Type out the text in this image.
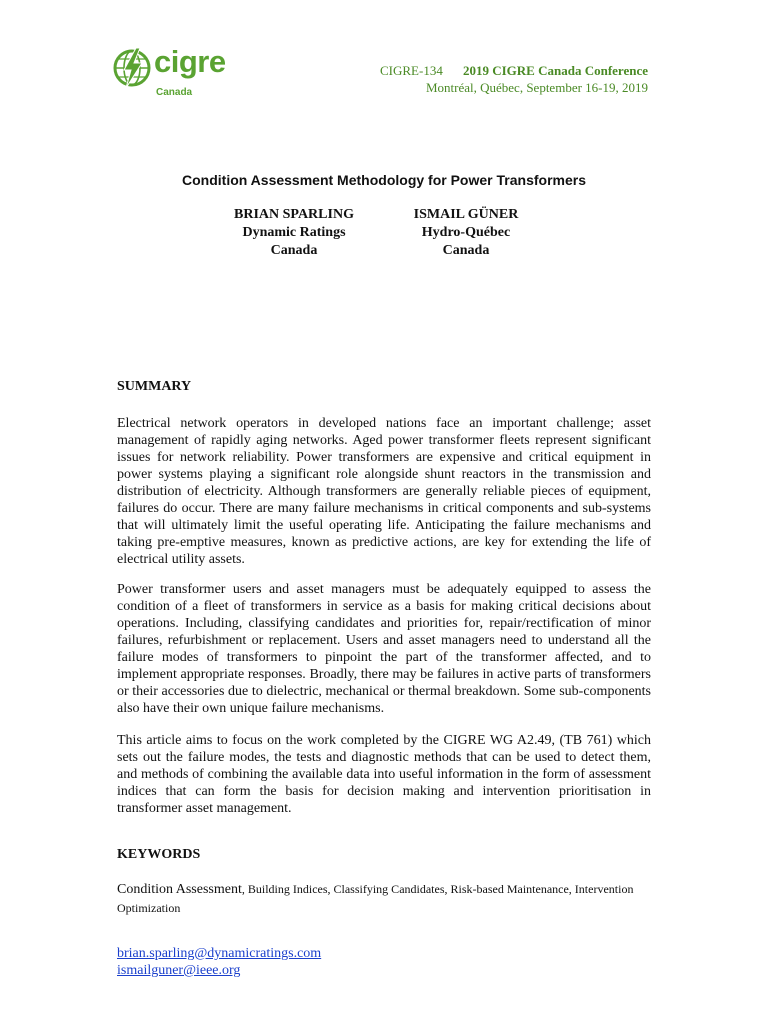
cigre
Canada
CIGRE-134 2019 CIGRE Canada Conference
Montréal, Québec, September 16-19, 2019
Condition Assessment Methodology for Power Transformers
BRIAN SPARLING
Dynamic Ratings
Canada
ISMAIL GÜNER
Hydro-Québec
Canada
SUMMARY

Electrical network operators in developed nations face an important challenge; asset management of rapidly aging networks. Aged power transformer fleets represent significant issues for network reliability. Power transformers are expensive and critical equipment in power systems playing a significant role alongside shunt reactors in the transmission and distribution of electricity. Although transformers are generally reliable pieces of equipment, failures do occur. There are many failure mechanisms in critical components and sub-systems that will ultimately limit the useful operating life. Anticipating the failure mechanisms and taking pre-emptive measures, known as predictive actions, are key for extending the life of electrical utility assets.

Power transformer users and asset managers must be adequately equipped to assess the condition of a fleet of transformers in service as a basis for making critical decisions about operations. Including, classifying candidates and priorities for, repair/rectification of minor failures, refurbishment or replacement. Users and asset managers need to understand all the failure modes of transformers to pinpoint the part of the transformer affected, and to implement appropriate responses. Broadly, there may be failures in active parts of transformers or their accessories due to dielectric, mechanical or thermal breakdown. Some sub-components also have their own unique failure mechanisms.

This article aims to focus on the work completed by the CIGRE WG A2.49, (TB 761) which sets out the failure modes, the tests and diagnostic methods that can be used to detect them, and methods of combining the available data into useful information in the form of assessment indices that can form the basis for decision making and intervention prioritisation in transformer asset management.

KEYWORDS
Condition Assessment, Building Indices, Classifying Candidates, Risk-based Maintenance, Intervention Optimization
brian.sparling@dynamicratings.com
ismailguner@ieee.org
